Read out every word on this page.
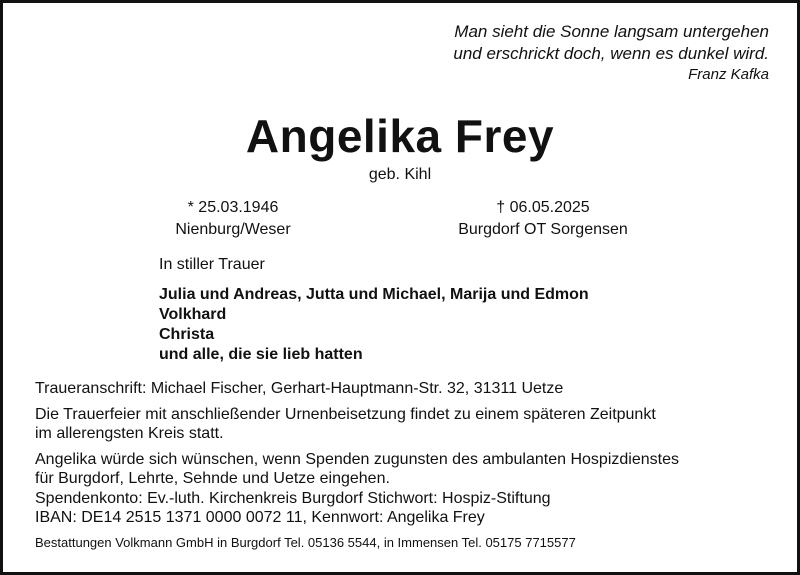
Man sieht die Sonne langsam untergehen
und erschrickt doch, wenn es dunkel wird.
Franz Kafka
Angelika Frey
geb. Kihl
* 25.03.1946
Nienburg/Weser
† 06.05.2025
Burgdorf OT Sorgensen
In stiller Trauer
Julia und Andreas, Jutta und Michael, Marija und Edmon
Volkhard
Christa
und alle, die sie lieb hatten
Traueranschrift: Michael Fischer, Gerhart-Hauptmann-Str. 32, 31311 Uetze
Die Trauerfeier mit anschließender Urnenbeisetzung findet zu einem späteren Zeitpunkt
im allerengsten Kreis statt.
Angelika würde sich wünschen, wenn Spenden zugunsten des ambulanten Hospizdienstes
für Burgdorf, Lehrte, Sehnde und Uetze eingehen.
Spendenkonto: Ev.-luth. Kirchenkreis Burgdorf Stichwort: Hospiz-Stiftung
IBAN: DE14 2515 1371 0000 0072 11, Kennwort: Angelika Frey
Bestattungen Volkmann GmbH in Burgdorf Tel. 05136 5544, in Immensen Tel. 05175 7715577
